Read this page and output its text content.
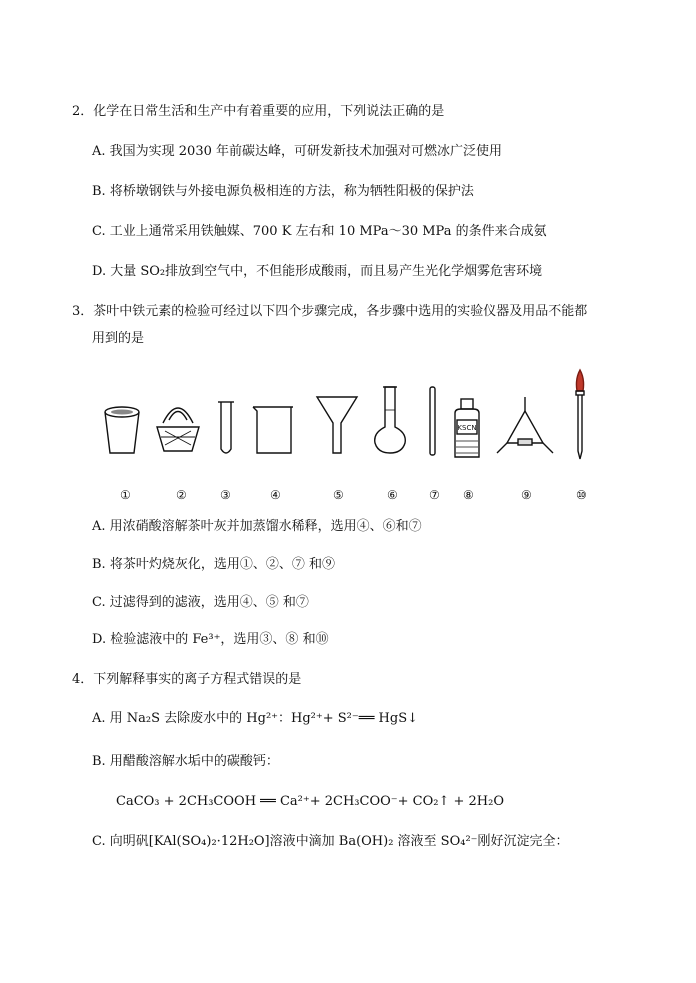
2．化学在日常生活和生产中有着重要的应用，下列说法正确的是
A. 我国为实现 2030 年前碳达峰，可研发新技术加强对可燃冰广泛使用
B. 将桥墩钢铁与外接电源负极相连的方法，称为牺牲阳极的保护法
C. 工业上通常采用铁触媒、700 K 左右和 10 MPa～30 MPa 的条件来合成氨
D. 大量 SO₂排放到空气中，不但能形成酸雨，而且易产生光化学烟雾危害环境
3．茶叶中铁元素的检验可经过以下四个步骤完成，各步骤中选用的实验仪器及用品不能都
用到的是
KSCN
①	②	③	④	⑤	⑥	⑦ ⑧	⑨	⑩
A. 用浓硝酸溶解茶叶灰并加蒸馏水稀释，选用④、⑥和⑦
B. 将茶叶灼烧灰化，选用①、②、⑦ 和⑨
C. 过滤得到的滤液，选用④、⑤ 和⑦
D. 检验滤液中的 Fe³⁺，选用③、⑧ 和⑩
4．下列解释事实的离子方程式错误的是
A. 用 Na₂S 去除废水中的 Hg²⁺：Hg²⁺+ S²⁻══ HgS↓
B. 用醋酸溶解水垢中的碳酸钙：
CaCO₃ + 2CH₃COOH ══ Ca²⁺+ 2CH₃COO⁻+ CO₂↑ + 2H₂O
C. 向明矾[KAl(SO₄)₂·12H₂O]溶液中滴加 Ba(OH)₂ 溶液至 SO₄²⁻刚好沉淀完全：
